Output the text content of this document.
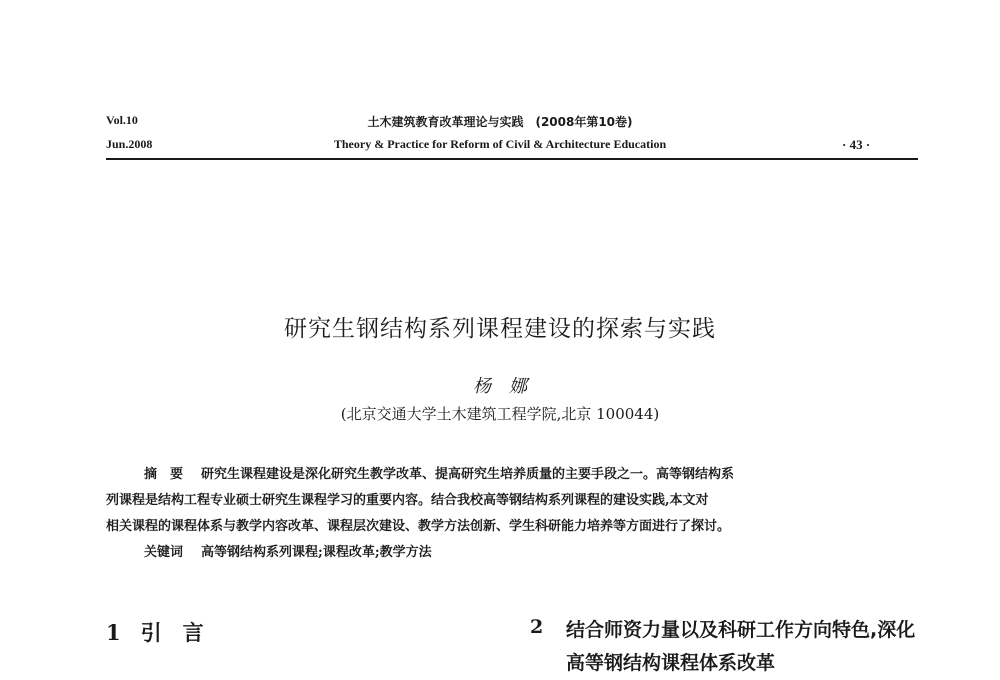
Vol.10
Jun.2008
土木建筑教育改革理论与实践　(2008年第10卷)
Theory & Practice for Reform of Civil & Architecture Education	· 43 ·
研究生钢结构系列课程建设的探索与实践
杨　娜
(北京交通大学土木建筑工程学院,北京 100044)
摘　要 研究生课程建设是深化研究生教学改革、提高研究生培养质量的主要手段之一。高等钢结构系
列课程是结构工程专业硕士研究生课程学习的重要内容。结合我校高等钢结构系列课程的建设实践,本文对
相关课程的课程体系与教学内容改革、课程层次建设、教学方法创新、学生科研能力培养等方面进行了探讨。
关键词 高等钢结构系列课程;课程改革;教学方法
1 引　言	2 结合师资力量以及科研工作方向特色,深化高等钢结构课程体系改革
